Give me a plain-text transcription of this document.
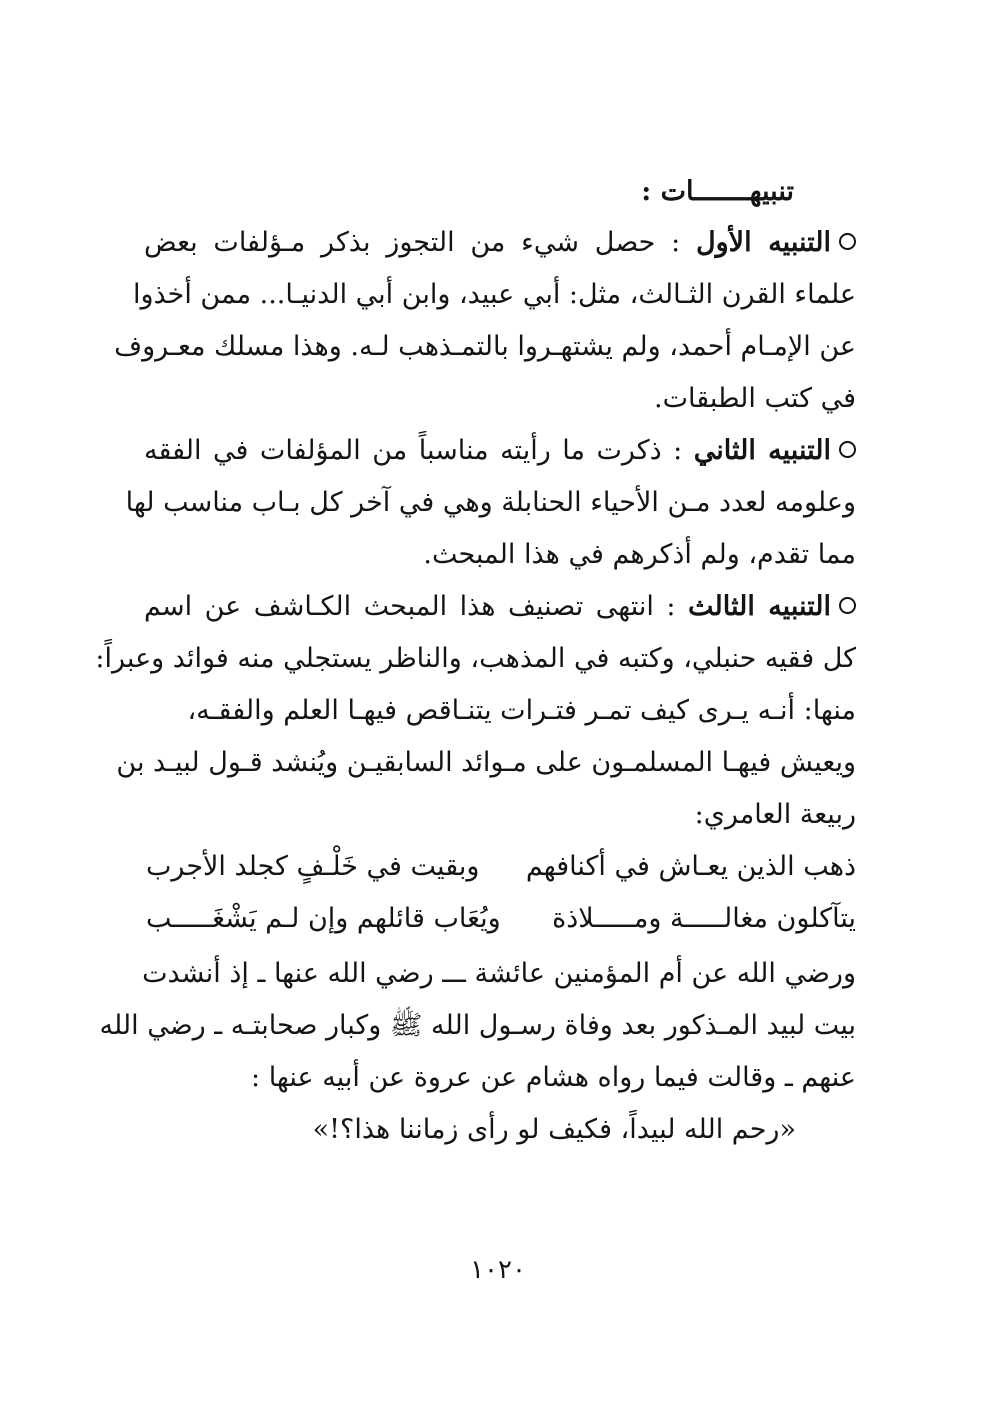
تنبيهـــــــات :
التنبيه الأول : حصل شيء من التجوز بذكر مـؤلفات بعض
علماء القرن الثـالث، مثل: أبي عبيد، وابن أبي الدنيـا... ممن أخذوا
عن الإمـام أحمد، ولم يشتهـروا بالتمـذهب لـه. وهذا مسلك معـروف
في كتب الطبقات.
التنبيه الثاني : ذكرت ما رأيته مناسباً من المؤلفات في الفقه
وعلومه لعدد مـن الأحياء الحنابلة وهي في آخر كل بـاب مناسب لها
مما تقدم، ولم أذكرهم في هذا المبحث.
التنبيه الثالث : انتهى تصنيف هذا المبحث الكـاشف عن اسم
كل فقيه حنبلي، وكتبه في المذهب، والناظر يستجلي منه فوائد وعبراً:
منها: أنـه يـرى كيف تمـر فتـرات يتنـاقص فيهـا العلم والفقـه،
ويعيش فيهـا المسلمـون على مـوائد السابقيـن ويُنشد قـول لبيـد بن
ربيعة العامري:
ذهب الذين يعـاش في أكنافهم
وبقيت في خَلْـفٍ كجلد الأجرب
يتآكلون مغالـــــة ومـــــلاذة
ويُعَاب قائلهم وإن لـم يَشْغَـــــب
ورضي الله عن أم المؤمنين عائشة ـــ رضي الله عنها ـ إذ أنشدت
بيت لبيد المـذكور بعد وفاة رسـول الله ﷺ وكبار صحابتـه ـ رضي الله
عنهم ـ وقالت فيما رواه هشام عن عروة عن أبيه عنها :
«رحم الله لبيداً، فكيف لو رأى زماننا هذا؟!»
١٠٢٠
